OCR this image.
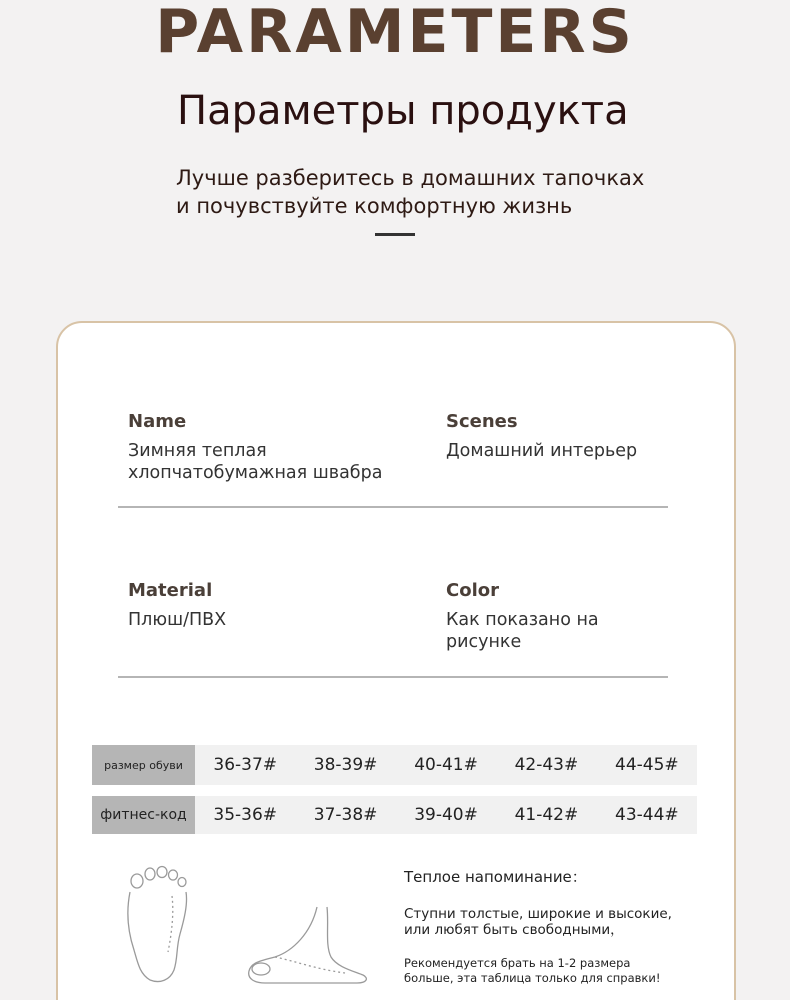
PARAMETERS
Параметры продукта
Лучше разберитесь в домашних тапочках
и почувствуйте комфортную жизнь
Name
Зимняя теплая
хлопчатобумажная швабра
Scenes
Домашний интерьер
Material
Плюш/ПВХ
Color
Как показано на
рисунке
размер обуви	36-37#	38-39#	40-41#	42-43#	44-45#
фитнес-код	35-36#	37-38#	39-40#	41-42#	43-44#
Теплое напоминание：
Ступни толстые, широкие и высокие,
или любят быть свободными，
Рекомендуется брать на 1-2 размера
больше, эта таблица только для справки!
